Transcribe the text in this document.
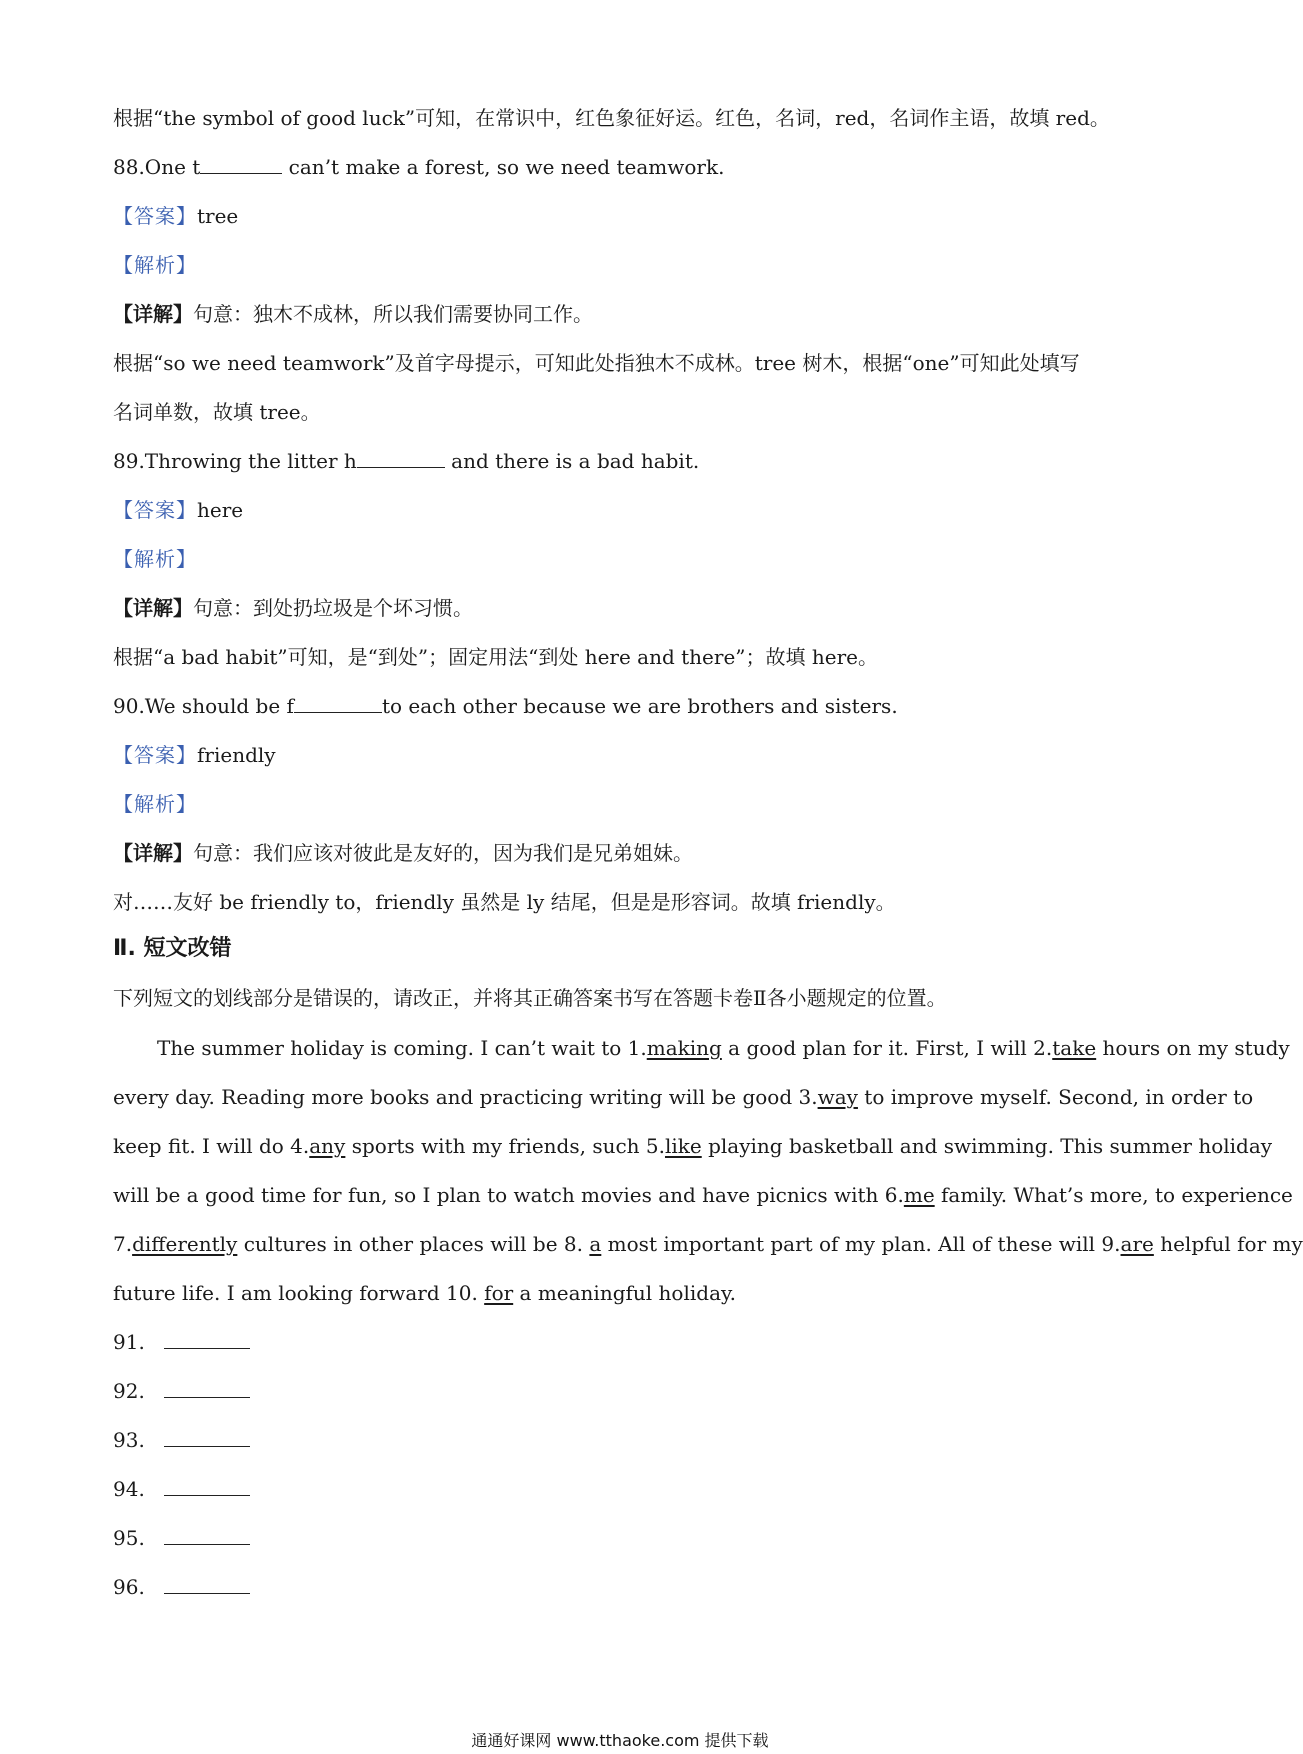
根据“the symbol of good luck”可知，在常识中，红色象征好运。红色，名词，red，名词作主语，故填 red。
88.One t	can’t make a forest, so we need teamwork.
【答案】tree
【解析】
【详解】句意：独木不成林，所以我们需要协同工作。
根据“so we need teamwork”及首字母提示，可知此处指独木不成林。tree 树木，根据“one”可知此处填写
名词单数，故填 tree。
89.Throwing the litter h	and there is a bad habit.
【答案】here
【解析】
【详解】句意：到处扔垃圾是个坏习惯。
根据“a bad habit”可知，是“到处”；固定用法“到处 here and there”；故填 here。
90.We should be f	to each other because we are brothers and sisters.
【答案】friendly
【解析】
【详解】句意：我们应该对彼此是友好的，因为我们是兄弟姐妹。
对……友好 be friendly to，friendly 虽然是 ly 结尾，但是是形容词。故填 friendly。
Ⅱ. 短文改错
下列短文的划线部分是错误的，请改正，并将其正确答案书写在答题卡卷Ⅱ各小题规定的位置。
The summer holiday is coming. I can’t wait to 1.making a good plan for it. First, I will 2.take hours on my study
every day. Reading more books and practicing writing will be good 3.way to improve myself. Second, in order to
keep fit. I will do 4.any sports with my friends, such 5.like playing basketball and swimming. This summer holiday
will be a good time for fun, so I plan to watch movies and have picnics with 6.me family. What’s more, to experience
7.differently cultures in other places will be 8. a most important part of my plan. All of these will 9.are helpful for my
future life. I am looking forward 10. for a meaningful holiday.
91.
92.
93.
94.
95.
96.
通通好课网 www.tthaoke.com 提供下载
